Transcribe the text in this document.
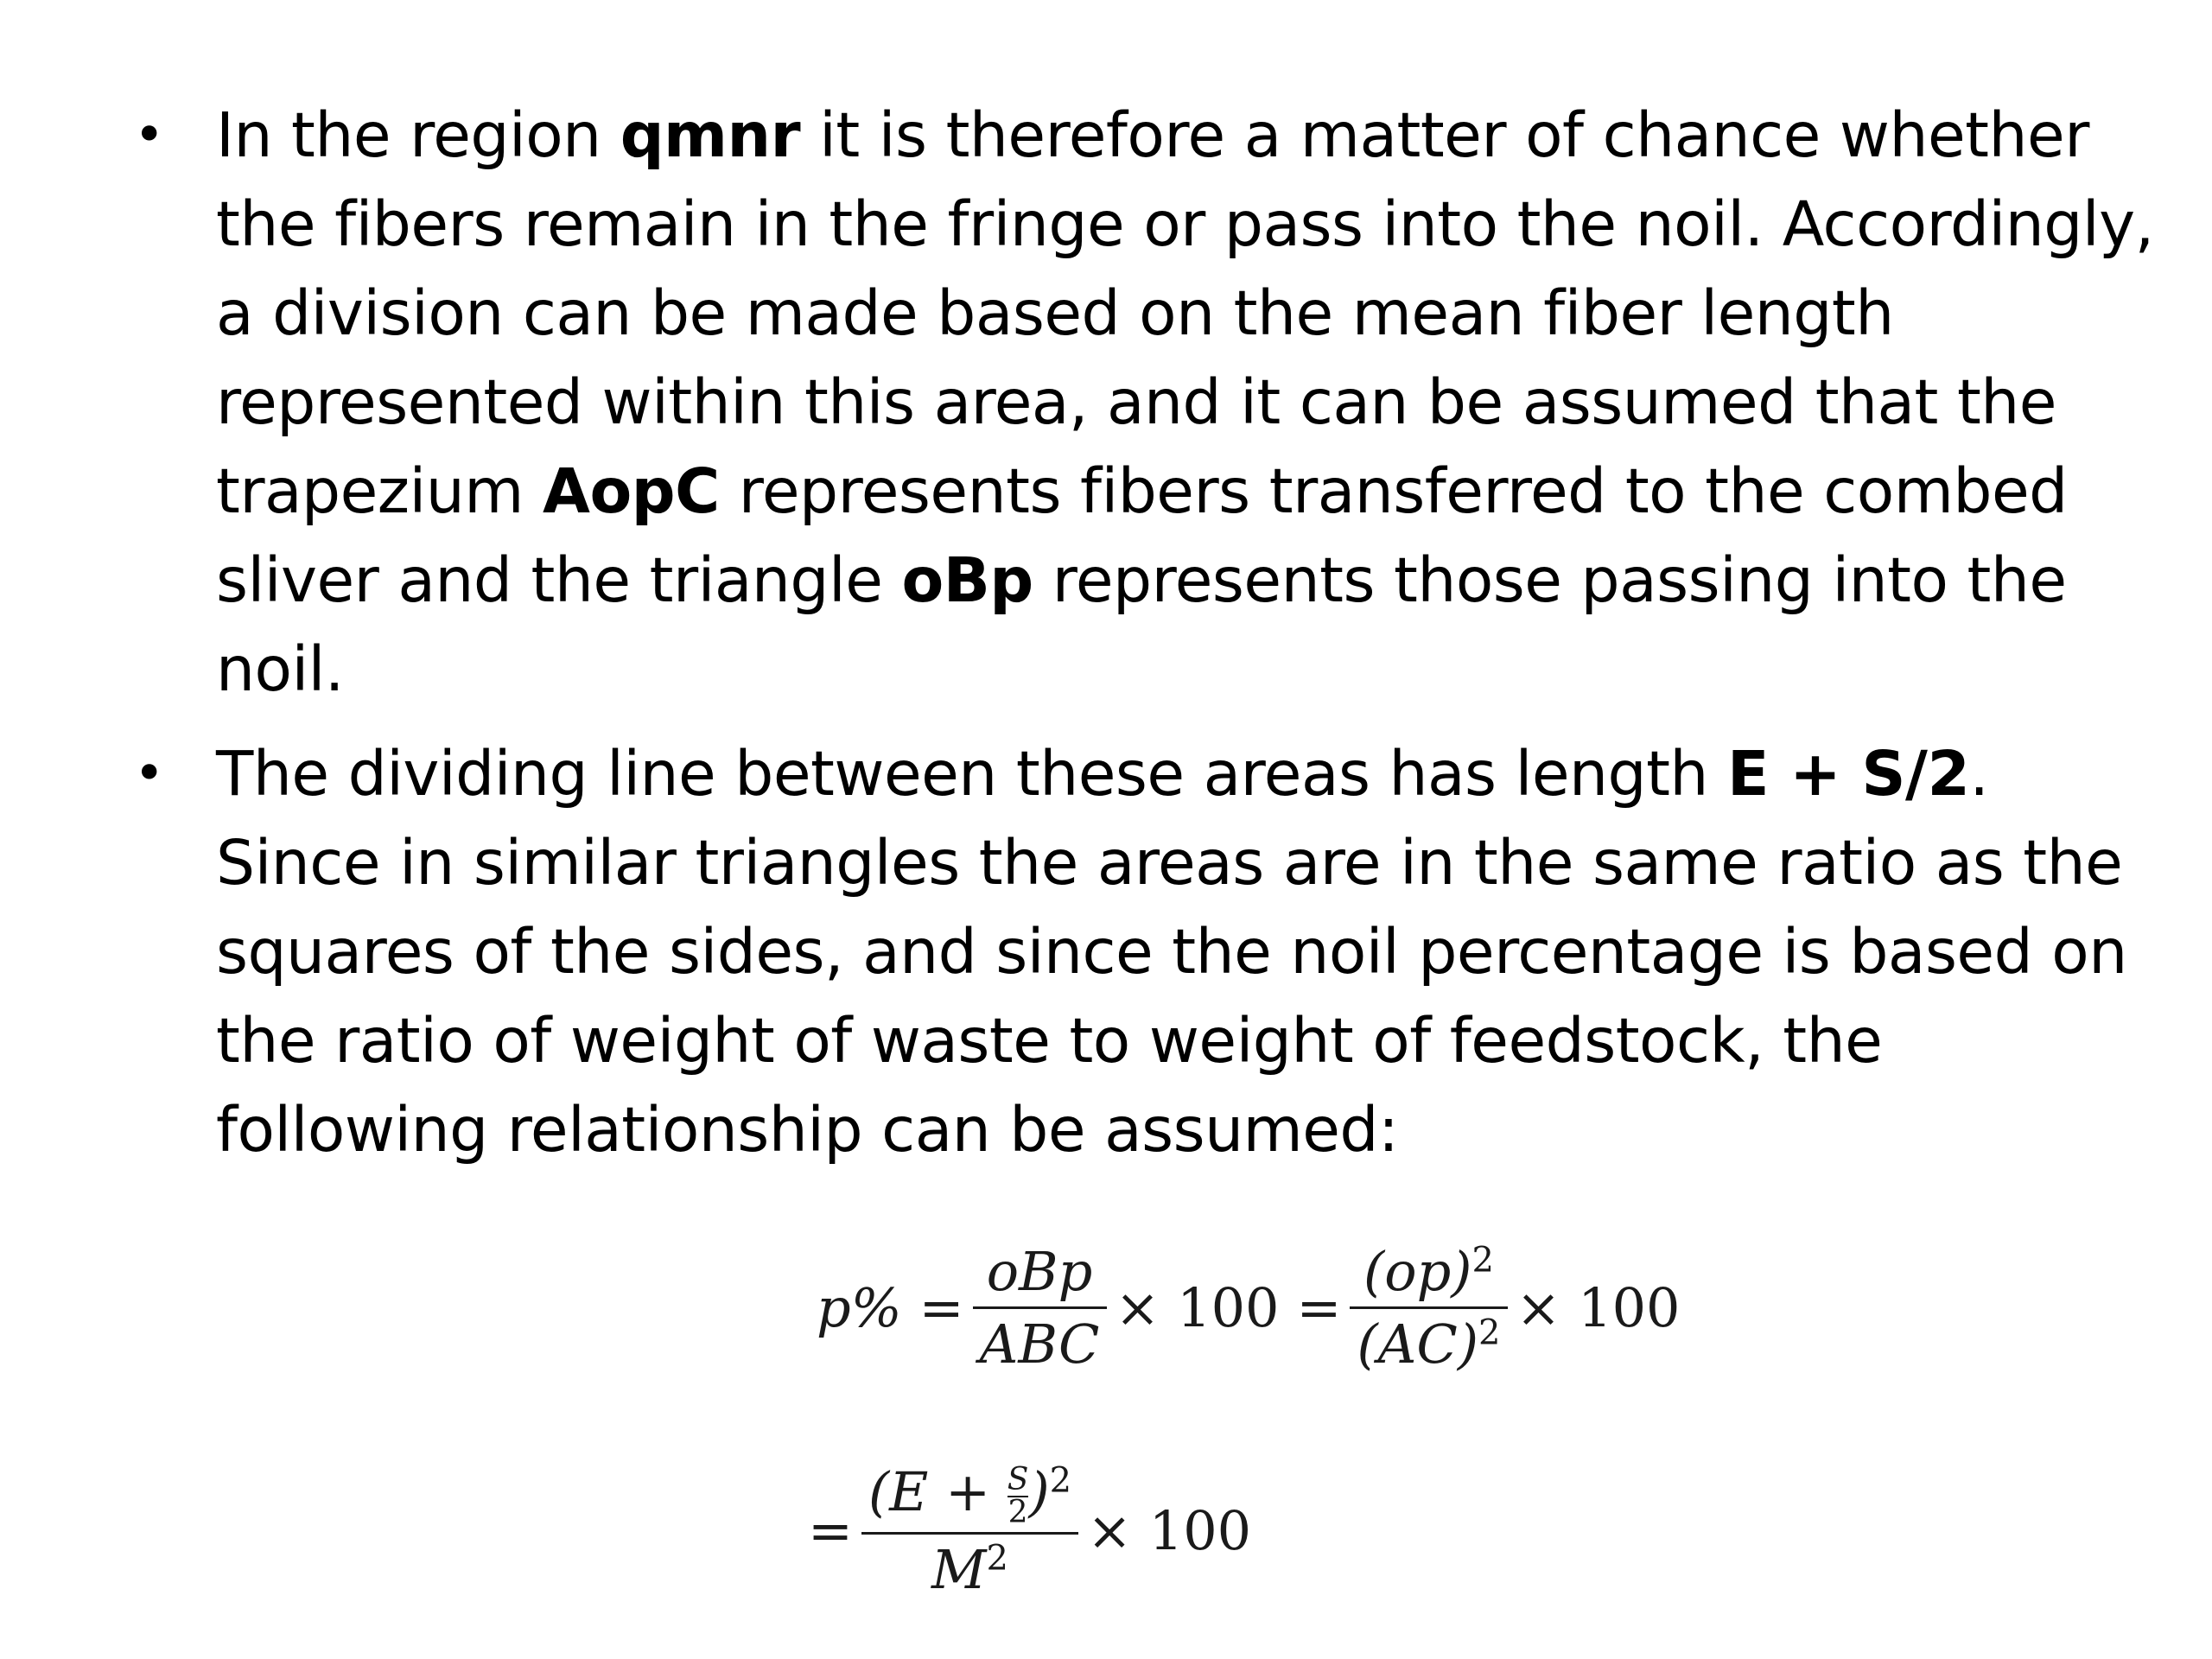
• In the region qmnr it is therefore a matter of chance whether the fibers remain in the fringe or pass into the noil. Accordingly, a division can be made based on the mean fiber length represented within this area, and it can be assumed that the trapezium AopC represents fibers transferred to the combed sliver and the triangle oBp represents those passing into the noil.
• The dividing line between these areas has length E + S/2. Since in similar triangles the areas are in the same ratio as the squares of the sides, and since the noil percentage is based on the ratio of weight of waste to weight of feedstock, the following relationship can be assumed:
$p\% = \frac{\text{oBp}}{\text{ABC}} \times 100 = \frac{(op)^2}{(AC)^2} \times 100$
= $\frac{(E + \frac{S}{2} )^2}{M^2} \times 100$
